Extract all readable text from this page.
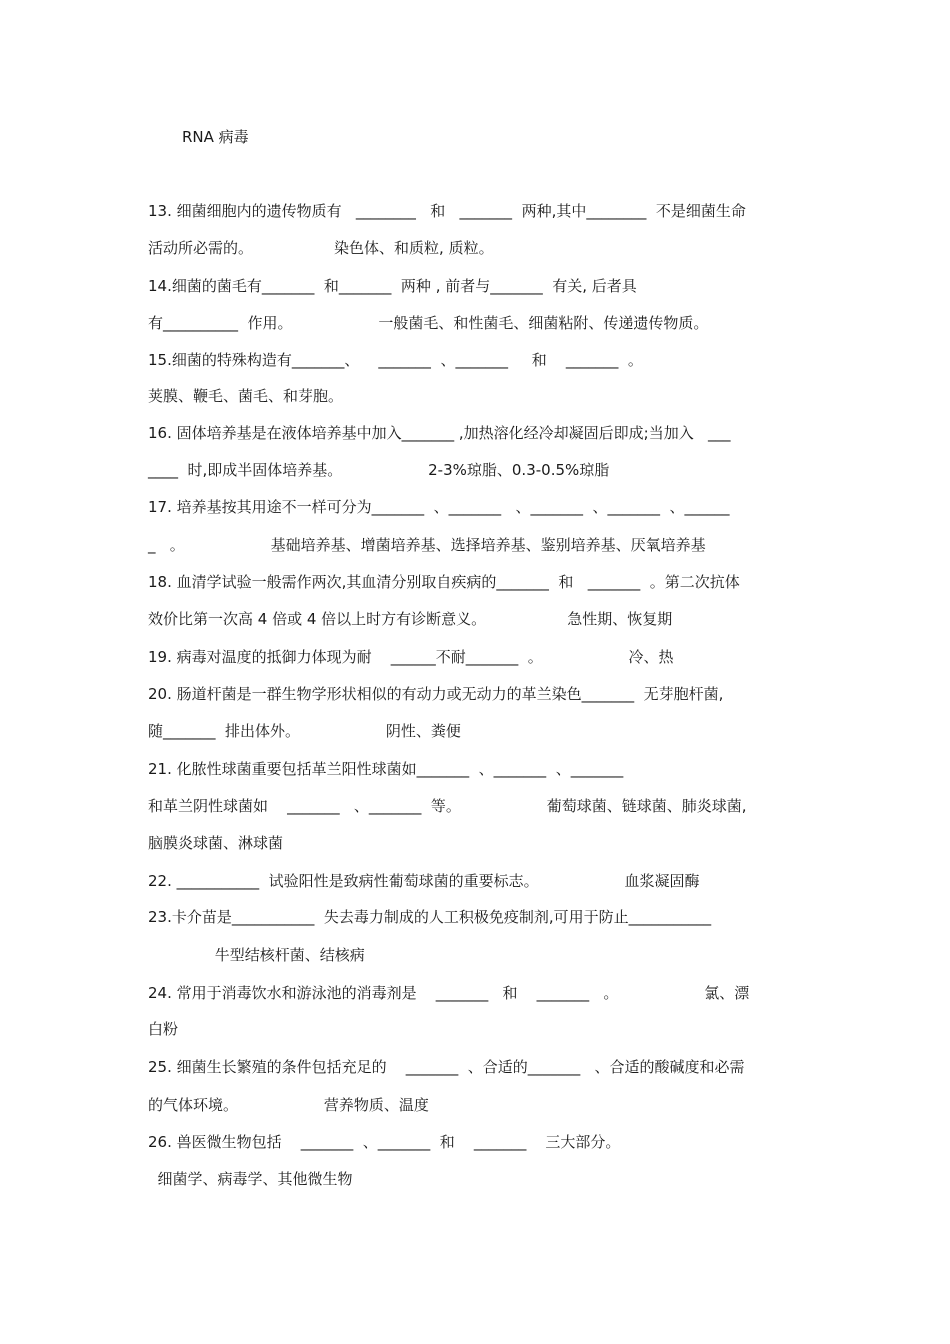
RNA 病毒
13. 细菌细胞内的遗传物质有   ________   和   _______  两种,其中________  不是细菌生命
活动所必需的。                 染色体、和质粒, 质粒。
14.细菌的菌毛有_______  和_______  两种 , 前者与_______  有关, 后者具
有__________  作用。                  一般菌毛、和性菌毛、细菌粘附、传递遗传物质。
15.细菌的特殊构造有_______、    _______  、_______     和    _______  。
荚膜、鞭毛、菌毛、和芽胞。
16. 固体培养基是在液体培养基中加入_______ ,加热溶化经冷却凝固后即成;当加入   ___
____  时,即成半固体培养基。                  2-3%琼脂、0.3-0.5%琼脂
17. 培养基按其用途不一样可分为_______  、_______   、_______  、_______  、______
_   。                  基础培养基、增菌培养基、选择培养基、鉴别培养基、厌氧培养基
18. 血清学试验一般需作两次,其血清分别取自疾病的_______  和   _______  。第二次抗体
效价比第一次高 4 倍或 4 倍以上时方有诊断意义。                 急性期、恢复期
19. 病毒对温度的抵御力体现为耐    ______不耐_______  。                  冷、热
20. 肠道杆菌是一群生物学形状相似的有动力或无动力的革兰染色_______  无芽胞杆菌,
随_______  排出体外。                  阴性、粪便
21. 化脓性球菌重要包括革兰阳性球菌如_______  、_______  、_______
和革兰阴性球菌如    _______   、_______  等。                  葡萄球菌、链球菌、肺炎球菌,
脑膜炎球菌、淋球菌
22. ___________  试验阳性是致病性葡萄球菌的重要标志。                  血浆凝固酶
23.卡介苗是___________  失去毒力制成的人工积极免疫制剂,可用于防止___________
牛型结核杆菌、结核病
24. 常用于消毒饮水和游泳池的消毒剂是    _______   和    _______   。                  氯、漂
白粉
25. 细菌生长繁殖的条件包括充足的    _______  、合适的_______   、合适的酸碱度和必需
的气体环境。                  营养物质、温度
26. 兽医微生物包括    _______  、_______  和    _______    三大部分。
细菌学、病毒学、其他微生物
